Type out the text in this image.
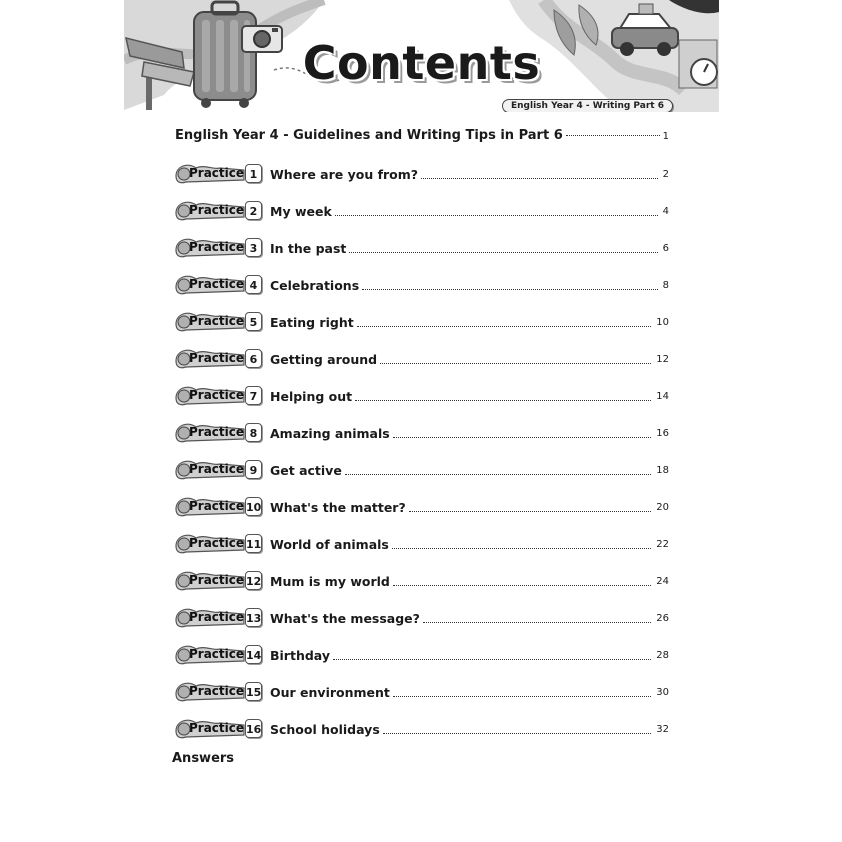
Contents
English Year 4 - Writing Part 6
English Year 4 - Guidelines and Writing Tips in Part 6	1
Practice 1	Where are you from?	2
Practice 2	My week	4
Practice 3	In the past	6
Practice 4	Celebrations	8
Practice 5	Eating right	10
Practice 6	Getting around	12
Practice 7	Helping out	14
Practice 8	Amazing animals	16
Practice 9	Get active	18
Practice 10 What's the matter?	20
Practice 11 World of animals	22
Practice 12 Mum is my world	24
Practice 13 What's the message?	26
Practice 14 Birthday	28
Practice 15 Our environment	30
Practice 16 School holidays	32
Answers
